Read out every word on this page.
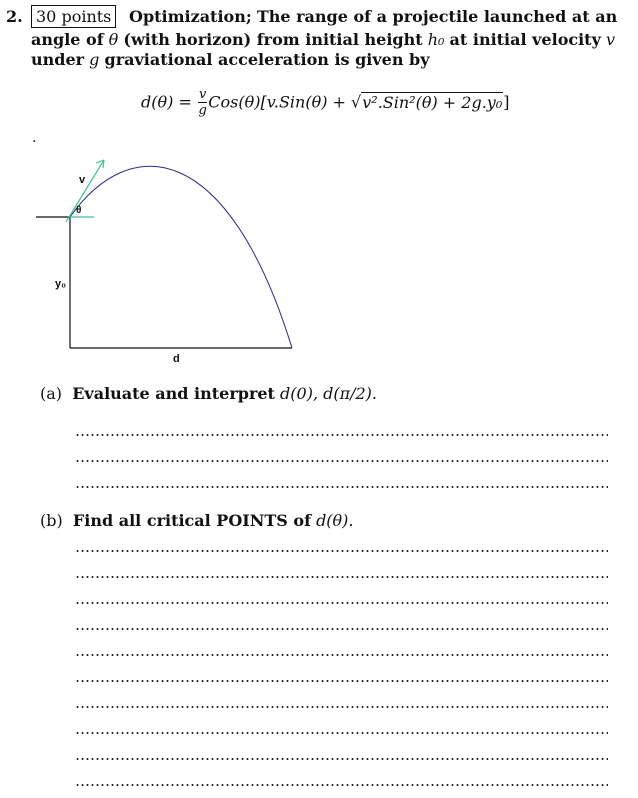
2. 30 points	Optimization; The range of a projectile launched at an
angle of θ (with horizon) from initial height h₀ at initial velocity v
under g graviational acceleration is given by
$d(\theta) = \frac{v}{g} Cos(\theta)[v.Sin(\theta) + √v^2.Sin^2(\theta) + 2g.y_0]$
.
v
θ
y₀
d
(a) Evaluate and interpret d(0), d(π/2).
(b) Find all critical POINTS of d(θ).
